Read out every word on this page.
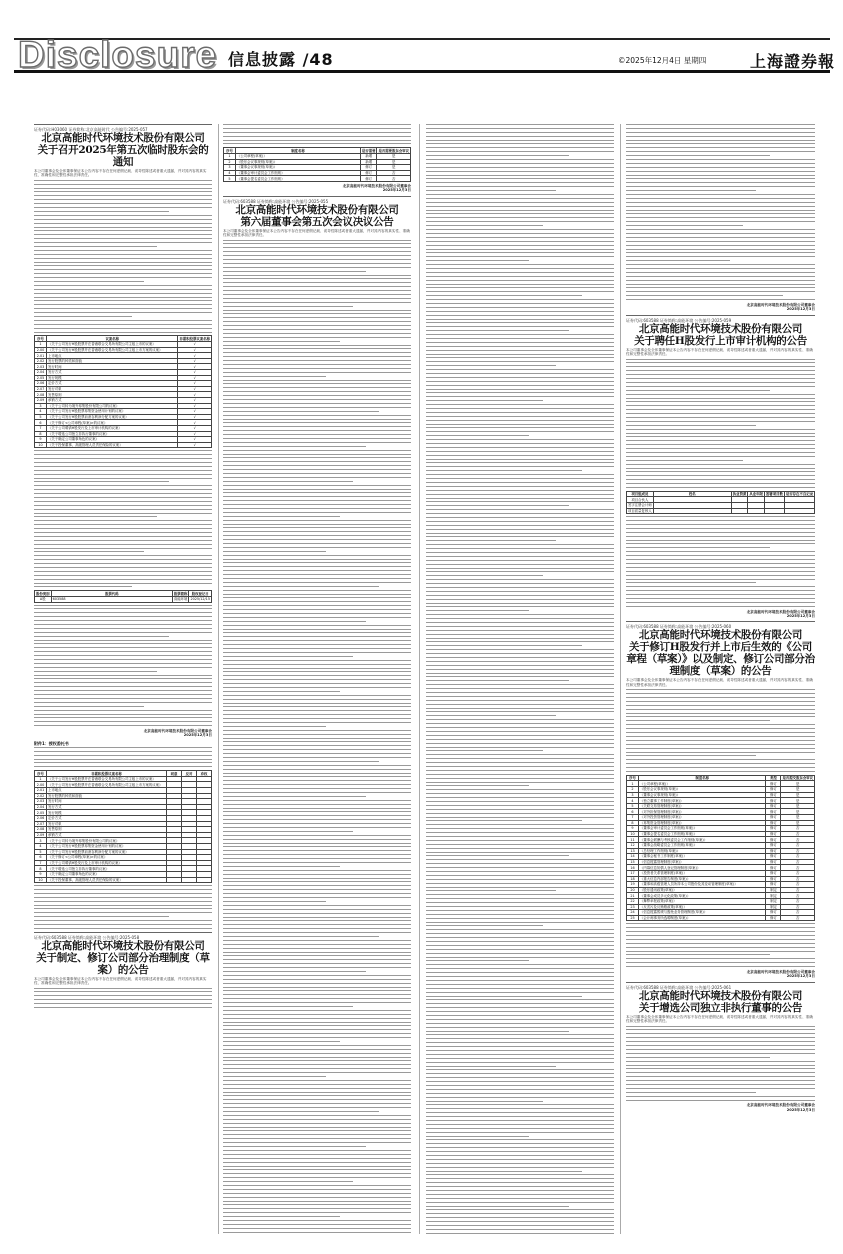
Disclosure 信息披露 /48	©2025年12月4日 星期四	上海證券報
证券代码:H03060 证券简称:北京高能时代 公告编号:2025-057
北京高能时代环境技术股份有限公司
关于召开2025年第五次临时股东会的通知
本公司董事会及全体董事保证本公告内容不存在任何虚假记载、误导性陈述或者重大遗漏，并对其内容的真实性、准确性和完整性承担法律责任。
序号	议案名称	非累积投票议案名称
1	《关于公司发行H股股票并在香港联合交易所有限公司主板上市的议案》	√
2.00	《关于公司发行H股股票并在香港联合交易所有限公司主板上市方案的议案》	√
2.01	上市地点	√
2.02	发行股票的种类和面值	√
2.03	发行时间	√
2.04	发行方式	√
2.05	发行规模	√
2.06	定价方式	√
2.07	发行对象	√
2.08	发售原则	√
2.09	承销方式	√
3	《关于公司转为境外募集股份有限公司的议案》	√
4	《关于公司发行H股股票募集资金使用计划的议案》	√
5	《关于公司发行H股股票前滚存利润分配方案的议案》	√
6	《关于修订<公司章程(草案)>的议案》	√
7	《关于公司聘请H股发行及上市审计机构的议案》	√
8	《关于增选公司独立非执行董事的议案》	√
9	《关于确定公司董事角色的议案》	√
10	《关于投保董事、高级管理人员责任保险的议案》	√
股份类别	股票代码	股票简称	股权登记日
A股	603588	高能环境	2025/12/15
北京高能时代环境技术股份有限公司董事会
2025年12月3日
附件1：授权委托书
序号	非累积投票议案名称	同意	反对	弃权
1	《关于公司发行H股股票并在香港联合交易所有限公司主板上市的议案》			
2.00	《关于公司发行H股股票并在香港联合交易所有限公司主板上市方案的议案》			
2.01	上市地点			
2.02	发行股票的种类和面值			
2.03	发行时间			
2.04	发行方式			
2.05	发行规模			
2.06	定价方式			
2.07	发行对象			
2.08	发售原则			
2.09	承销方式			
3	《关于公司转为境外募集股份有限公司的议案》			
4	《关于公司发行H股股票募集资金使用计划的议案》			
5	《关于公司发行H股股票前滚存利润分配方案的议案》			
6	《关于修订<公司章程(草案)>的议案》			
7	《关于公司聘请H股发行及上市审计机构的议案》			
8	《关于增选公司独立非执行董事的议案》			
9	《关于确定公司董事角色的议案》			
10	《关于投保董事、高级管理人员责任保险的议案》			
证券代码:603588 证券简称:高能环境 公告编号:2025-058
北京高能时代环境技术股份有限公司
关于制定、修订公司部分治理制度（草案）的公告
本公司董事会及全体董事保证本公告内容不存在任何虚假记载、误导性陈述或者重大遗漏，并对其内容的真实性、准确性和完整性承担法律责任。
序号	制度名称	是否需要	是否需要股东会审议
1	《公司章程(草案)》	新增	是
2	《股东会议事规则(草案)》	新增	是
3	《董事会议事规则(草案)》	修订	是
4	《董事会审计委员会工作细则》	修订	否
5	《董事会提名委员会工作细则》	修订	否
北京高能时代环境技术股份有限公司董事会
2025年12月3日
证券代码:603588 证券简称:高能环境 公告编号:2025-055
北京高能时代环境技术股份有限公司
第六届董事会第五次会议决议公告
本公司董事会及全体董事保证本公告内容不存在任何虚假记载、误导性陈述或者重大遗漏，并对其内容的真实性、准确性和完整性承担法律责任。
北京高能时代环境技术股份有限公司董事会
2025年12月3日
证券代码:603588 证券简称:高能环境 公告编号:2025-059
北京高能时代环境技术股份有限公司
关于聘任H股发行上市审计机构的公告
本公司董事会及全体董事保证本公告内容不存在任何虚假记载、误导性陈述或者重大遗漏，并对其内容的真实性、准确性和完整性承担法律责任。
项目组成员	姓名	执业资质	从业年限	签署项目数	是否存在不良记录
项目合伙人					
签字注册会计师					
项目质量复核人					
北京高能时代环境技术股份有限公司董事会
2025年12月3日
证券代码:603588 证券简称:高能环境 公告编号:2025-060
北京高能时代环境技术股份有限公司
关于修订H股发行并上市后生效的《公司章程（草案）》以及制定、修订公司部分治理制度（草案）的公告
本公司董事会及全体董事保证本公告内容不存在任何虚假记载、误导性陈述或者重大遗漏，并对其内容的真实性、准确性和完整性承担法律责任。
序号	制度名称	类型	是否提交股东会审议
1	《公司章程(草案)》	修订	是
2	《股东会议事规则(草案)》	修订	是
3	《董事会议事规则(草案)》	修订	是
4	《独立董事工作制度(草案)》	修订	是
5	《关联交易管理制度(草案)》	修订	是
6	《对外担保管理制度(草案)》	修订	是
7	《对外投资管理制度(草案)》	修订	是
8	《募集资金管理制度(草案)》	修订	是
9	《董事会审计委员会工作细则(草案)》	修订	否
10	《董事会提名委员会工作细则(草案)》	修订	否
11	《董事会薪酬与考核委员会工作细则(草案)》	修订	否
12	《董事会战略委员会工作细则(草案)》	修订	否
13	《总经理工作细则(草案)》	修订	否
14	《董事会秘书工作制度(草案)》	修订	否
15	《信息披露管理制度(草案)》	修订	否
16	《内幕信息知情人登记管理制度(草案)》	修订	否
17	《投资者关系管理制度(草案)》	修订	否
18	《重大信息内部报告制度(草案)》	修订	否
19	《董事和高级管理人员所持本公司股份及其变动管理制度(草案)》	修订	否
20	《股东通讯政策(草案)》	制定	否
21	《董事会成员多元化政策(草案)》	制定	否
22	《舞弊举报政策(草案)》	制定	否
23	《反贪污及反贿赂政策(草案)》	制定	否
24	《信息披露暂缓与豁免业务管理制度(草案)》	修订	否
25	《会计师事务所选聘制度(草案)》	修订	否
北京高能时代环境技术股份有限公司董事会
2025年12月3日
证券代码:603588 证券简称:高能环境 公告编号:2025-061
北京高能时代环境技术股份有限公司
关于增选公司独立非执行董事的公告
本公司董事会及全体董事保证本公告内容不存在任何虚假记载、误导性陈述或者重大遗漏，并对其内容的真实性、准确性和完整性承担法律责任。
北京高能时代环境技术股份有限公司董事会
2025年12月3日
